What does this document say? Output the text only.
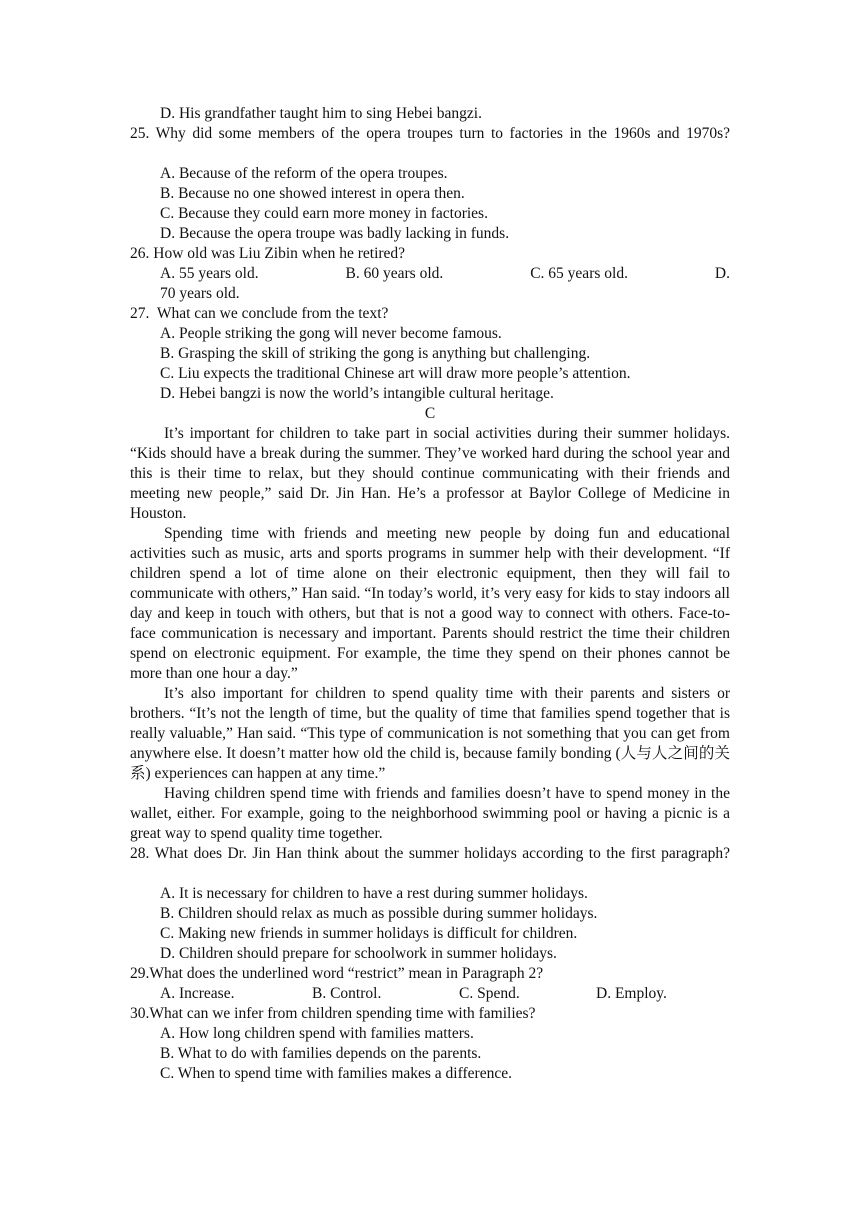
D. His grandfather taught him to sing Hebei bangzi.
25. Why did some members of the opera troupes turn to factories in the 1960s and 1970s?
A. Because of the reform of the opera troupes.
B. Because no one showed interest in opera then.
C. Because they could earn more money in factories.
D. Because the opera troupe was badly lacking in funds.
26. How old was Liu Zibin when he retired?
A. 55 years old.	B. 60 years old.	C. 65 years old.	D.
70 years old.
27.  What can we conclude from the text?
A. People striking the gong will never become famous.
B. Grasping the skill of striking the gong is anything but challenging.
C. Liu expects the traditional Chinese art will draw more people’s attention.
D. Hebei bangzi is now the world’s intangible cultural heritage.
C
It’s important for children to take part in social activities during their summer holidays. “Kids should have a break during the summer. They’ve worked hard during the school year and this is their time to relax, but they should continue communicating with their friends and meeting new people,” said Dr. Jin Han. He’s a professor at Baylor College of Medicine in Houston.
Spending time with friends and meeting new people by doing fun and educational activities such as music, arts and sports programs in summer help with their development. “If children spend a lot of time alone on their electronic equipment, then they will fail to communicate with others,” Han said. “In today’s world, it’s very easy for kids to stay indoors all day and keep in touch with others, but that is not a good way to connect with others. Face-to-face communication is necessary and important. Parents should restrict the time their children spend on electronic equipment. For example, the time they spend on their phones cannot be more than one hour a day.”
It’s also important for children to spend quality time with their parents and sisters or brothers. “It’s not the length of time, but the quality of time that families spend together that is really valuable,” Han said. “This type of communication is not something that you can get from anywhere else. It doesn’t matter how old the child is, because family bonding (人与人之间的关系) experiences can happen at any time.”
Having children spend time with friends and families doesn’t have to spend money in the wallet, either. For example, going to the neighborhood swimming pool or having a picnic is a great way to spend quality time together.
28. What does Dr. Jin Han think about the summer holidays according to the first paragraph?
A. It is necessary for children to have a rest during summer holidays.
B. Children should relax as much as possible during summer holidays.
C. Making new friends in summer holidays is difficult for children.
D. Children should prepare for schoolwork in summer holidays.
29.What does the underlined word “restrict” mean in Paragraph 2?
A. Increase.	B. Control.	C. Spend.	D. Employ.
30.What can we infer from children spending time with families?
A. How long children spend with families matters.
B. What to do with families depends on the parents.
C. When to spend time with families makes a difference.
